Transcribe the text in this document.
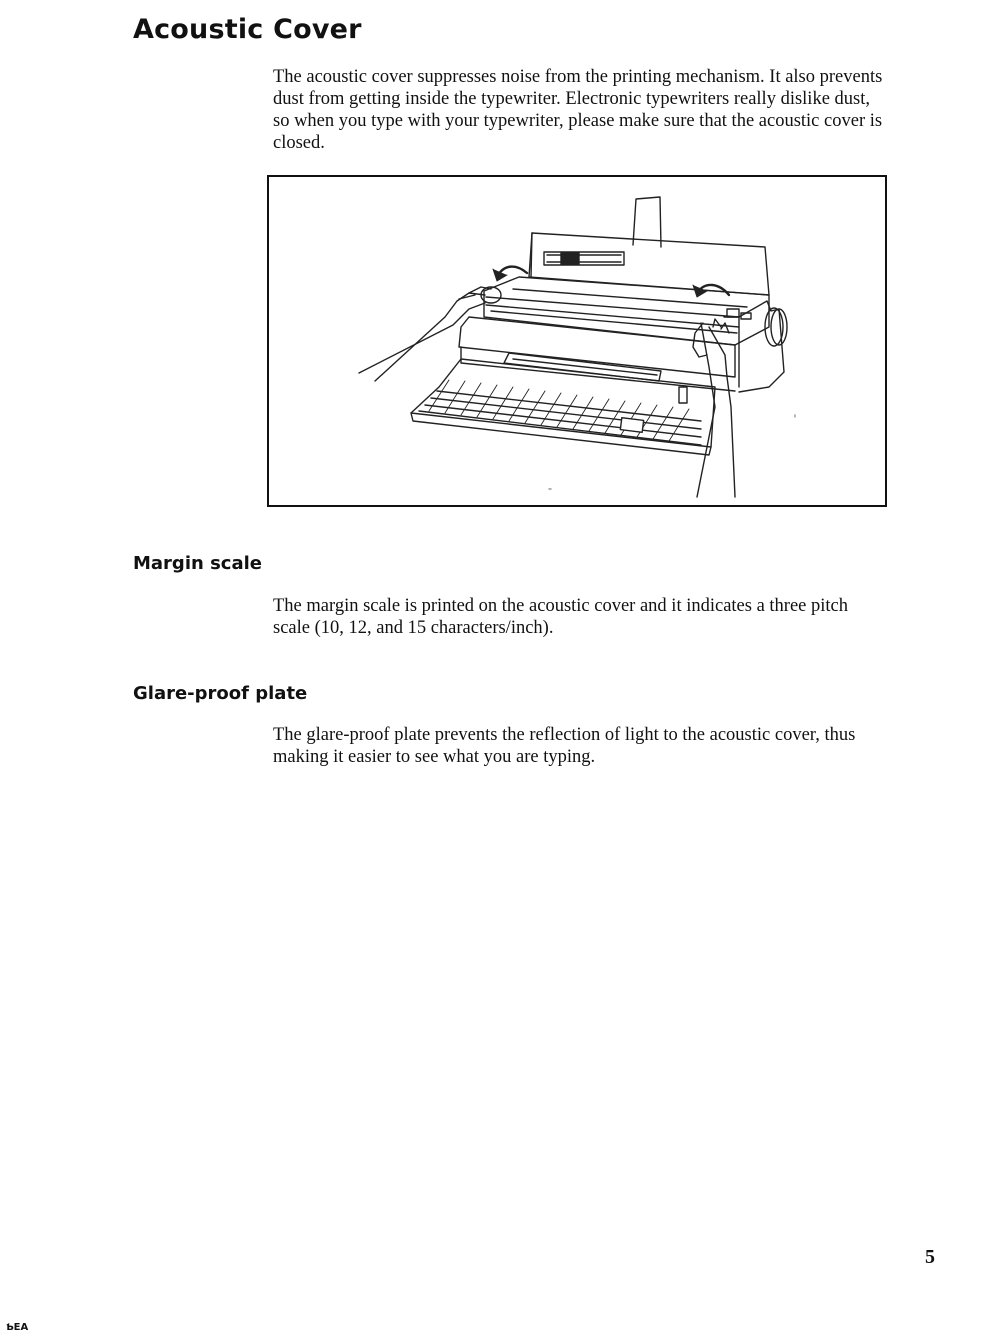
Acoustic Cover

The acoustic cover suppresses noise from the printing mechanism. It also prevents dust from getting inside the typewriter. Electronic typewriters really dislike dust, so when you type with your typewriter, please make sure that the acoustic cover is closed.

Margin scale

The margin scale is printed on the acoustic cover and it indicates a three pitch scale (10, 12, and 15 characters/inch).

Glare-proof plate

The glare-proof plate prevents the reflection of light to the acoustic cover, thus making it easier to see what you are typing.

5

ƄEA
